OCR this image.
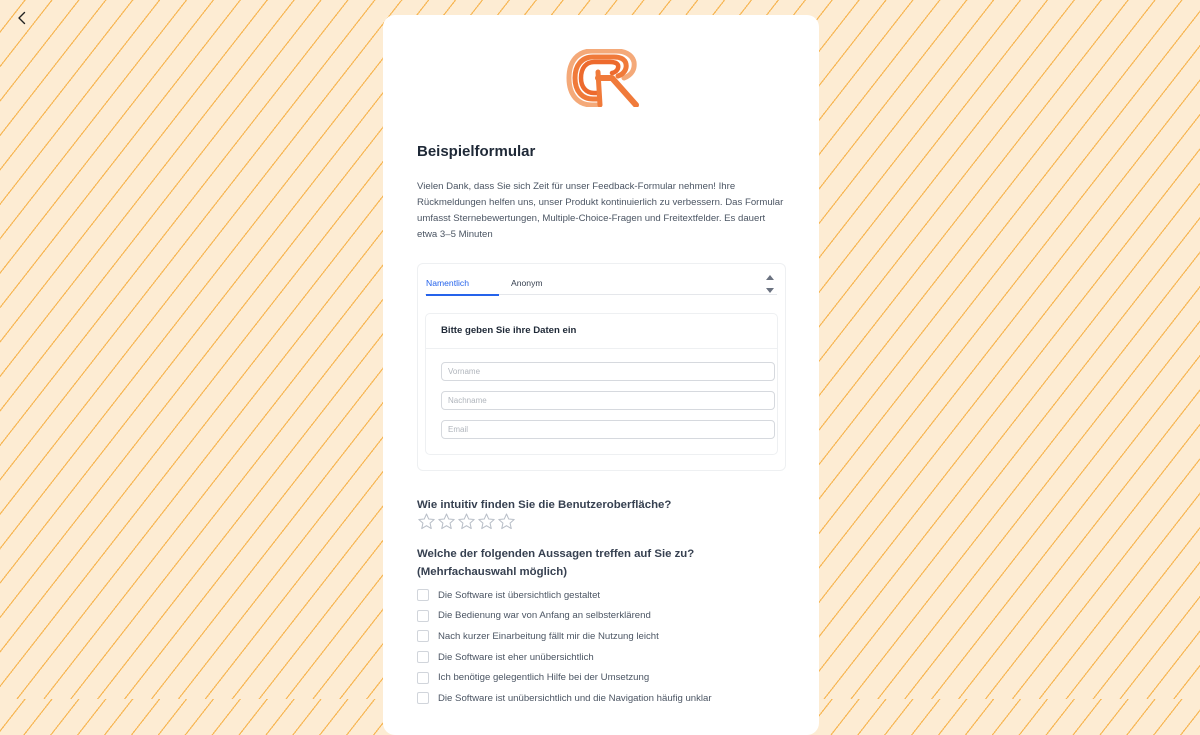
Beispielformular
Vielen Dank, dass Sie sich Zeit für unser Feedback-Formular nehmen! Ihre Rückmeldungen helfen uns, unser Produkt kontinuierlich zu verbessern. Das Formular umfasst Sternebewertungen, Multiple-Choice-Fragen und Freitextfelder. Es dauert etwa 3–5 Minuten
Namentlich	Anonym
Bitte geben Sie ihre Daten ein
Vorname
Nachname
Email
Wie intuitiv finden Sie die Benutzeroberfläche?
Welche der folgenden Aussagen treffen auf Sie zu? (Mehrfachauswahl möglich)
Die Software ist übersichtlich gestaltet
Die Bedienung war von Anfang an selbsterklärend
Nach kurzer Einarbeitung fällt mir die Nutzung leicht
Die Software ist eher unübersichtlich
Ich benötige gelegentlich Hilfe bei der Umsetzung
Die Software ist unübersichtlich und die Navigation häufig unklar
